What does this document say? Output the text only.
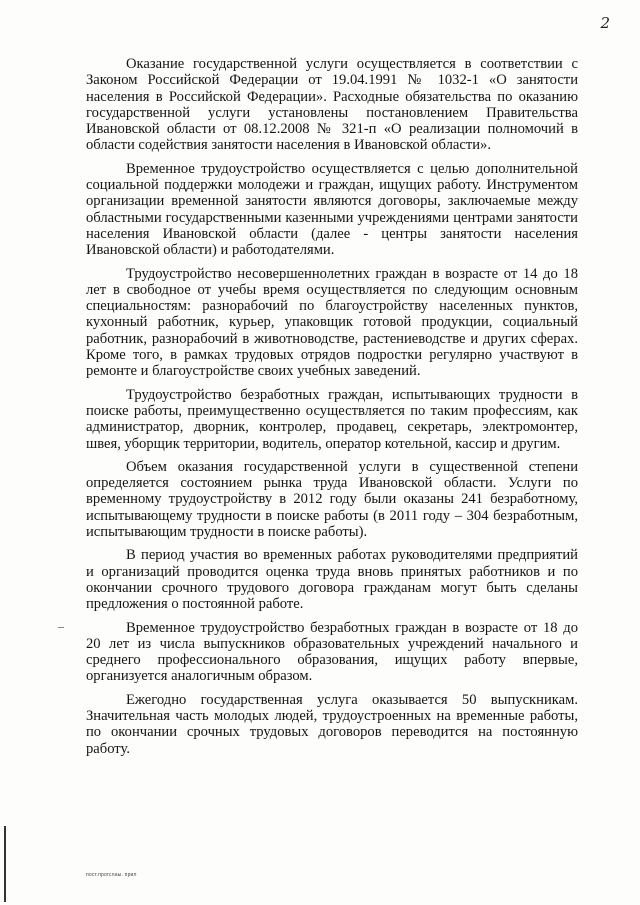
2

Оказание государственной услуги осуществляется в соответствии с Законом Российской Федерации от 19.04.1991 № 1032-1 «О занятости населения в Российской Федерации». Расходные обязательства по оказанию государственной услуги установлены постановлением Правительства Ивановской области от 08.12.2008 № 321-п «О реализации полномочий в области содействия занятости населения в Ивановской области».

Временное трудоустройство осуществляется с целью дополнительной социальной поддержки молодежи и граждан, ищущих работу. Инструментом организации временной занятости являются договоры, заключаемые между областными государственными казенными учреждениями центрами занятости населения Ивановской области (далее - центры занятости населения Ивановской области) и работодателями.

Трудоустройство несовершеннолетних граждан в возрасте от 14 до 18 лет в свободное от учебы время осуществляется по следующим основным специальностям: разнорабочий по благоустройству населенных пунктов, кухонный работник, курьер, упаковщик готовой продукции, социальный работник, разнорабочий в животноводстве, растениеводстве и других сферах. Кроме того, в рамках трудовых отрядов подростки регулярно участвуют в ремонте и благоустройстве своих учебных заведений.

Трудоустройство безработных граждан, испытывающих трудности в поиске работы, преимущественно осуществляется по таким профессиям, как администратор, дворник, контролер, продавец, секретарь, электромонтер, швея, уборщик территории, водитель, оператор котельной, кассир и другим.

Объем оказания государственной услуги в существенной степени определяется состоянием рынка труда Ивановской области. Услуги по временному трудоустройству в 2012 году были оказаны 241 безработному, испытывающему трудности в поиске работы (в 2011 году – 304 безработным, испытывающим трудности в поиске работы).

В период участия во временных работах руководителями предприятий и организаций проводится оценка труда вновь принятых работников и по окончании срочного трудового договора гражданам могут быть сделаны предложения о постоянной работе.

Временное трудоустройство безработных граждан в возрасте от 18 до 20 лет из числа выпускников образовательных учреждений начального и среднего профессионального образования, ищущих работу впервые, организуется аналогичным образом.

Ежегодно государственная услуга оказывается 50 выпускникам. Значительная часть молодых людей, трудоустроенных на временные работы, по окончании срочных трудовых договоров переводится на постоянную работу.

пост.прогслаы. прил
